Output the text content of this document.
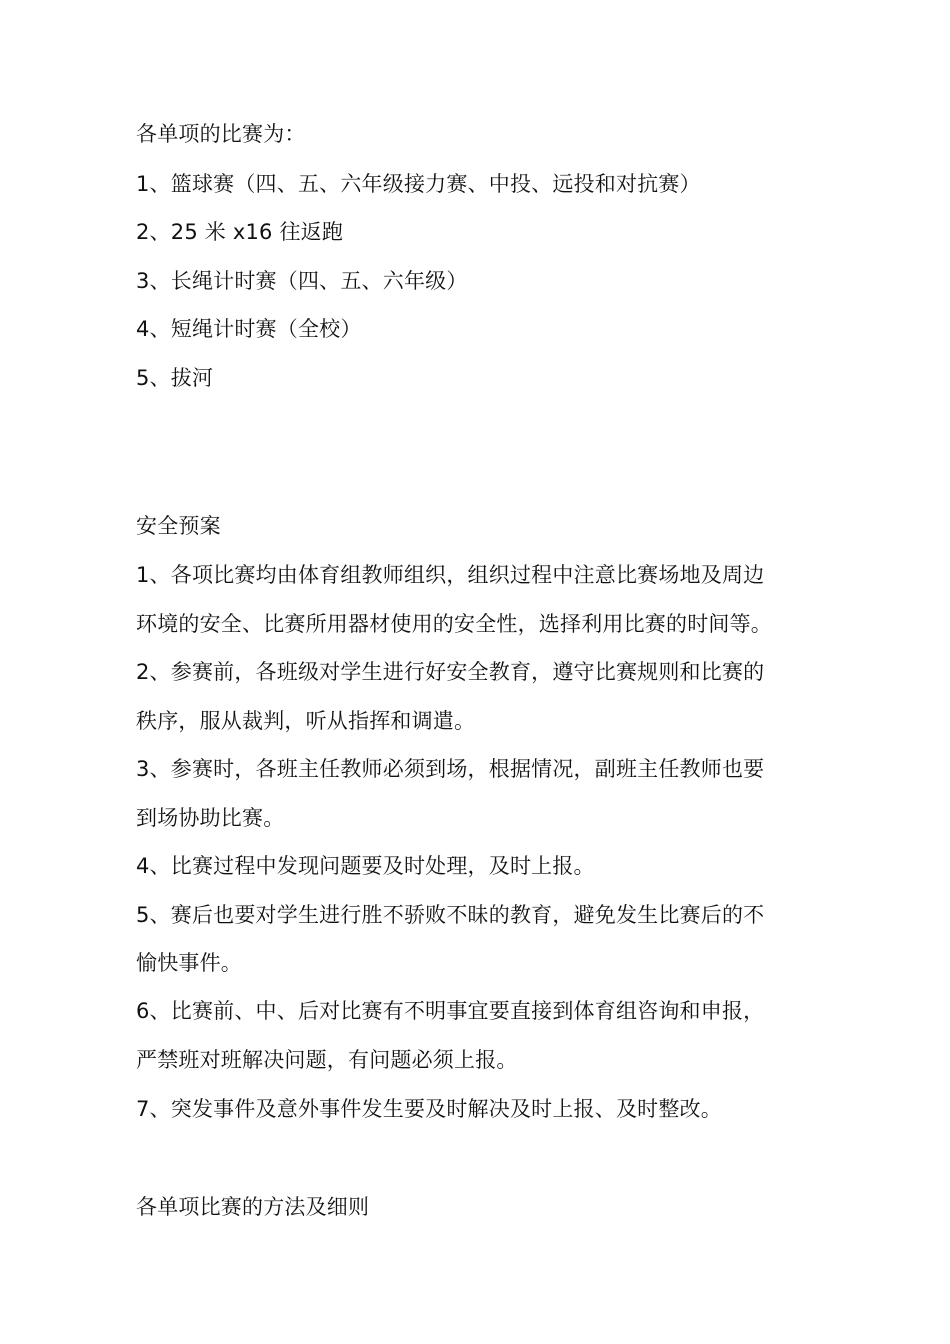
各单项的比赛为：
1、篮球赛（四、五、六年级接力赛、中投、远投和对抗赛）
2、25 米 x16 往返跑
3、长绳计时赛（四、五、六年级）
4、短绳计时赛（全校）
5、拔河
安全预案
1、各项比赛均由体育组教师组织，组织过程中注意比赛场地及周边
环境的安全、比赛所用器材使用的安全性，选择利用比赛的时间等。
2、参赛前，各班级对学生进行好安全教育，遵守比赛规则和比赛的
秩序，服从裁判，听从指挥和调遣。
3、参赛时，各班主任教师必须到场，根据情况，副班主任教师也要
到场协助比赛。
4、比赛过程中发现问题要及时处理，及时上报。
5、赛后也要对学生进行胜不骄败不昧的教育，避免发生比赛后的不
愉快事件。
6、比赛前、中、后对比赛有不明事宜要直接到体育组咨询和申报，
严禁班对班解决问题，有问题必须上报。
7、突发事件及意外事件发生要及时解决及时上报、及时整改。
各单项比赛的方法及细则
